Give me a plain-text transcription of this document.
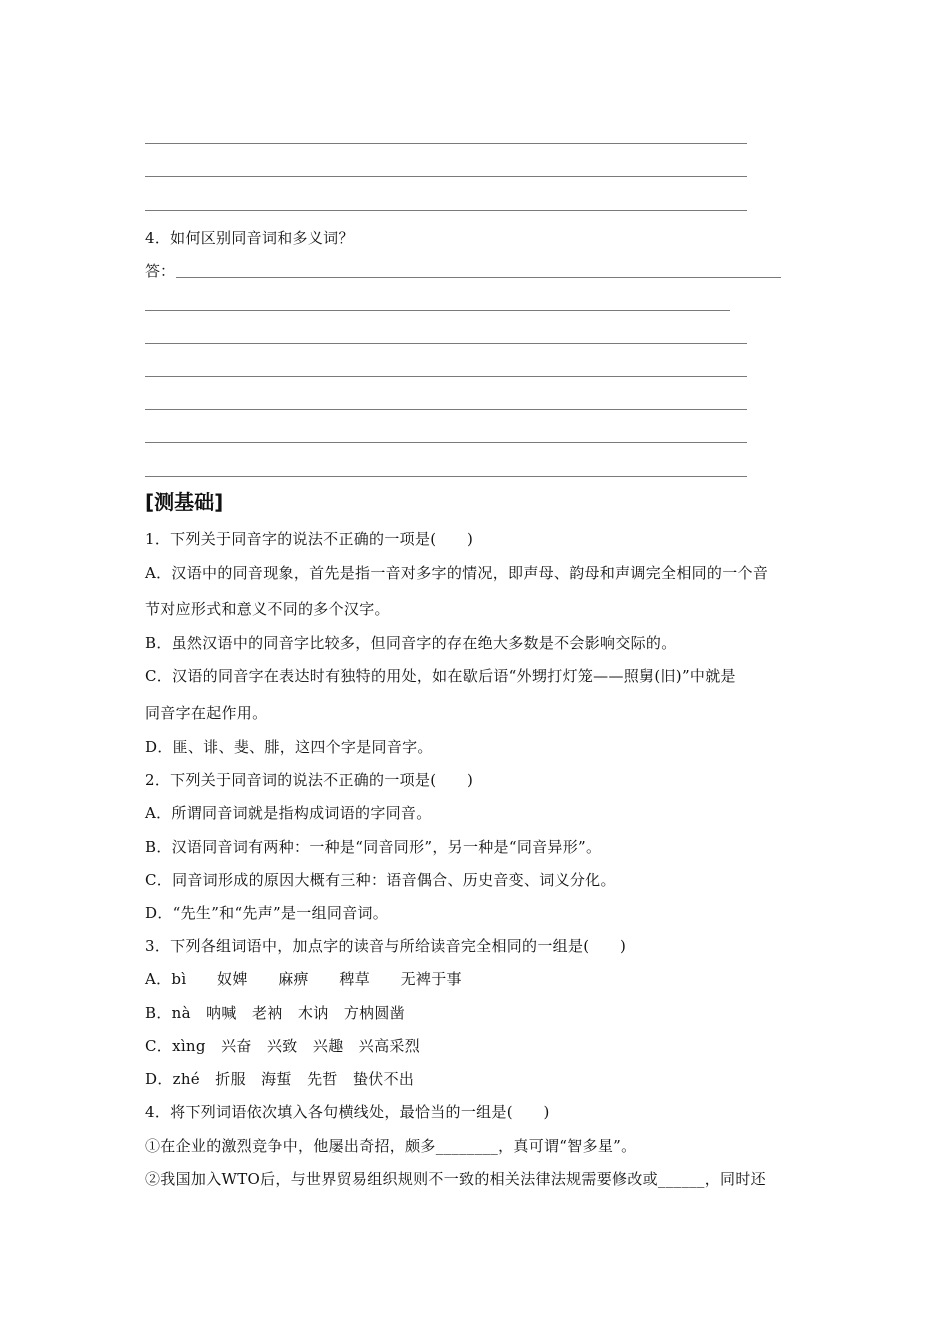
4．如何区别同音词和多义词？
答：
[测基础]
1．下列关于同音字的说法不正确的一项是(　　)
A．汉语中的同音现象，首先是指一音对多字的情况，即声母、韵母和声调完全相同的一个音
节对应形式和意义不同的多个汉字。
B．虽然汉语中的同音字比较多，但同音字的存在绝大多数是不会影响交际的。
C．汉语的同音字在表达时有独特的用处，如在歇后语“外甥打灯笼——照舅(旧)”中就是
同音字在起作用。
D．匪、诽、斐、腓，这四个字是同音字。
2．下列关于同音词的说法不正确的一项是(　　)
A．所谓同音词就是指构成词语的字同音。
B．汉语同音词有两种：一种是“同音同形”，另一种是“同音异形”。
C．同音词形成的原因大概有三种：语音偶合、历史音变、词义分化。
D．“先生”和“先声”是一组同音词。
3．下列各组词语中，加点字的读音与所给读音完全相同的一组是(　　)
A．bì　　奴婢　　麻痹　　稗草　　无裨于事
B．nà　呐喊　老衲　木讷　方枘圆凿
C．xìng　兴奋　兴致　兴趣　兴高采烈
D．zhé　折服　海蜇　先哲　蛰伏不出
4．将下列词语依次填入各句横线处，最恰当的一组是(　　)
①在企业的激烈竞争中，他屡出奇招，颇多________，真可谓“智多星”。
②我国加入WTO后，与世界贸易组织规则不一致的相关法律法规需要修改或______，同时还
